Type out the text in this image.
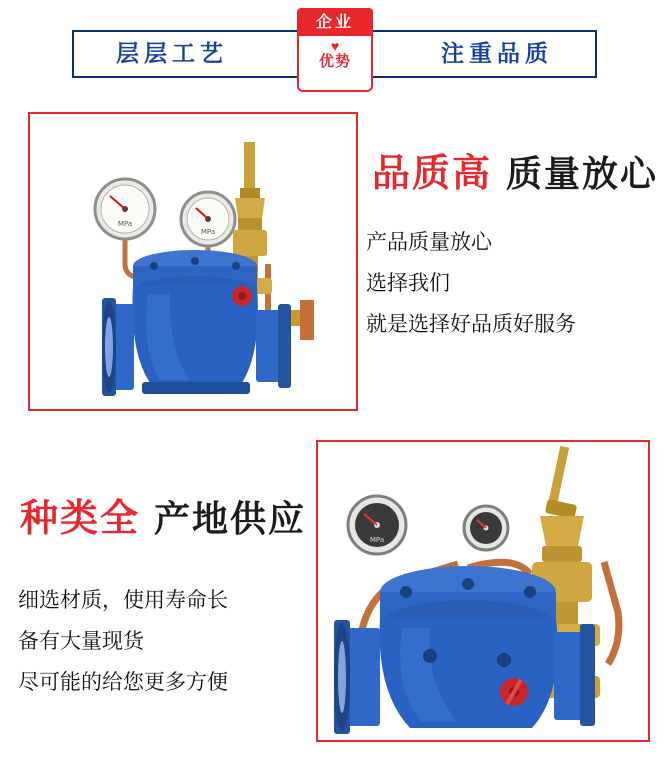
层层工艺	注重品质
企业
♥
优势
MPa
MPa
品质高 质量放心
产品质量放心
选择我们
就是选择好品质好服务
种类全 产地供应
细选材质，使用寿命长
备有大量现货
尽可能的给您更多方便
MPa
